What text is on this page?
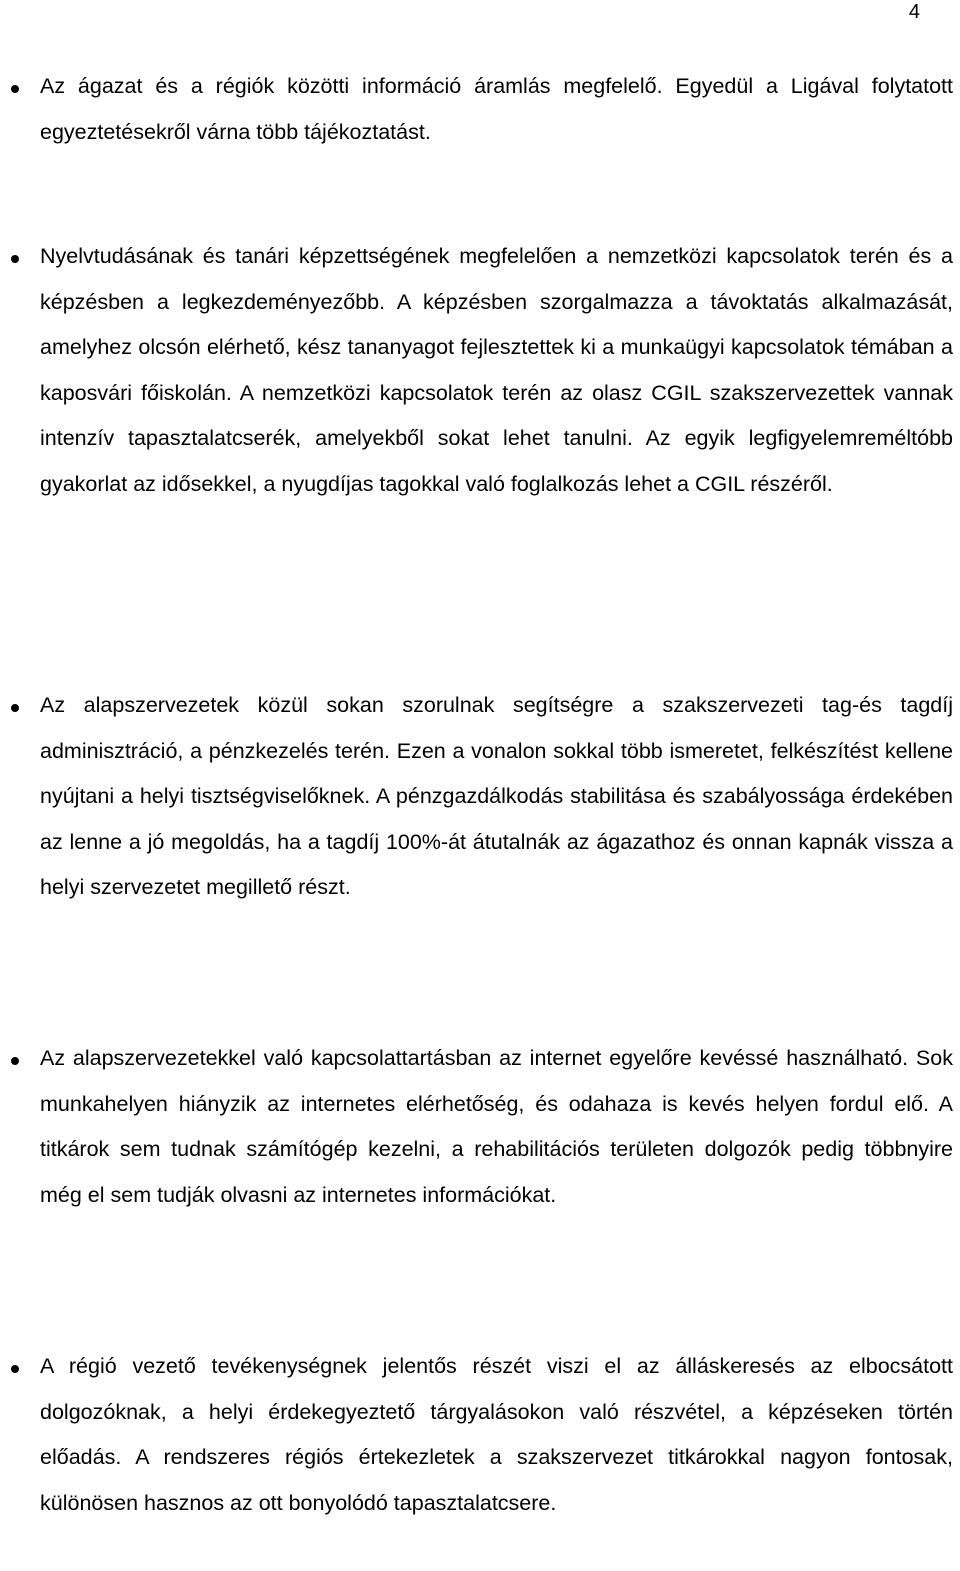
4

Az ágazat és a régiók közötti információ áramlás megfelelő. Egyedül a Ligával folytatott egyeztetésekről várna több tájékoztatást.

Nyelvtudásának és tanári képzettségének megfelelően a nemzetközi kapcsolatok terén és a képzésben a legkezdeményezőbb. A képzésben szorgalmazza a távoktatás alkalmazását, amelyhez olcsón elérhető, kész tananyagot fejlesztettek ki a munkaügyi kapcsolatok témában a kaposvári főiskolán. A nemzetközi kapcsolatok terén az olasz CGIL szakszervezettek vannak intenzív tapasztalatcserék, amelyekből sokat lehet tanulni. Az egyik legfigyelemreméltóbb gyakorlat az idősekkel, a nyugdíjas tagokkal való foglalkozás lehet a CGIL részéről.

Az alapszervezetek közül sokan szorulnak segítségre a szakszervezeti tag-és tagdíj adminisztráció, a pénzkezelés terén. Ezen a vonalon sokkal több ismeretet, felkészítést kellene nyújtani a helyi tisztségviselőknek. A pénzgazdálkodás stabilitása és szabályossága érdekében az lenne a jó megoldás, ha a tagdíj 100%-át átutalnák az ágazathoz és onnan kapnák vissza a helyi szervezetet megillető részt.

Az alapszervezetekkel való kapcsolattartásban az internet egyelőre kevéssé használható. Sok munkahelyen hiányzik az internetes elérhetőség, és odahaza is kevés helyen fordul elő. A titkárok sem tudnak számítógép kezelni, a rehabilitációs területen dolgozók pedig többnyire még el sem tudják olvasni az internetes információkat.

A régió vezető tevékenységnek jelentős részét viszi el az álláskeresés az elbocsátott dolgozóknak, a helyi érdekegyeztető tárgyalásokon való részvétel, a képzéseken történ előadás. A rendszeres régiós értekezletek a szakszervezet titkárokkal nagyon fontosak, különösen hasznos az ott bonyolódó tapasztalatcsere.
